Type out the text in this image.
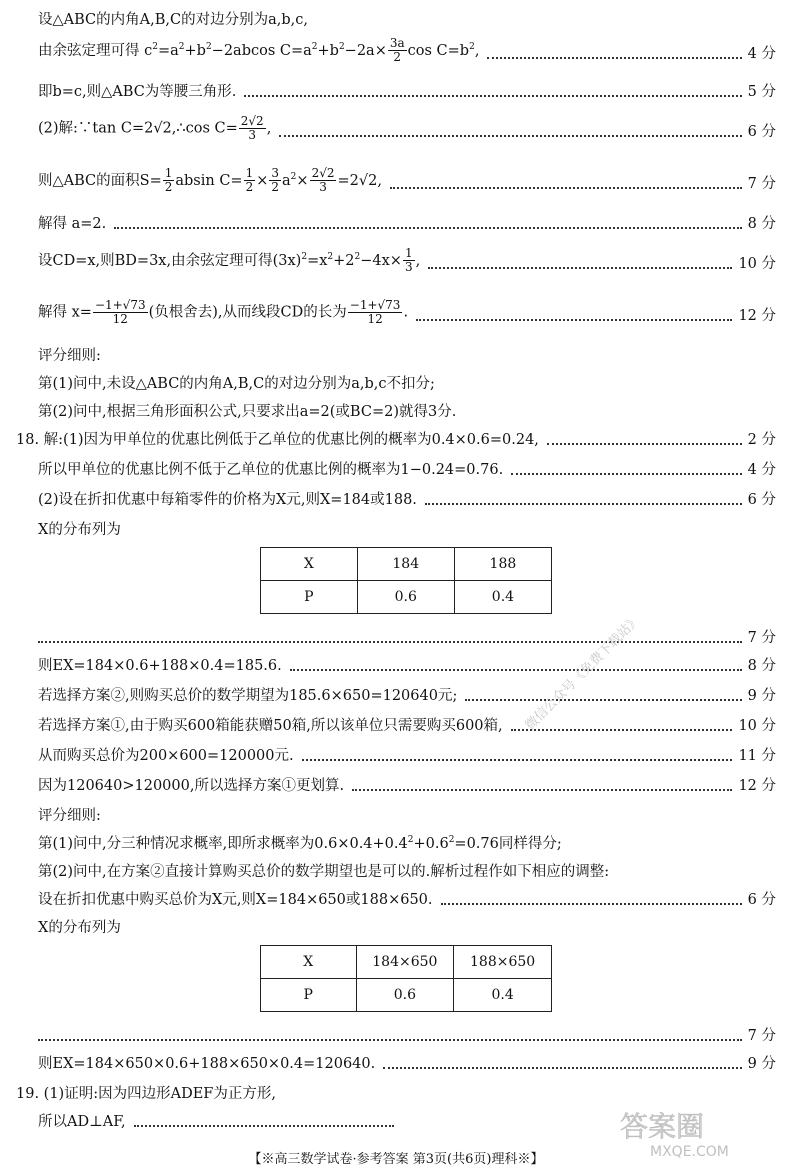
设△ABC的内角A,B,C的对边分别为a,b,c,
由余弦定理可得 $c^2=a^2+b^2-2abcos$ $C=a^2+b^2-2a\times \frac{3a}{2}$ $\cos C=b^2$,	4 分
即b=c,则△ABC为等腰三角形.	5 分
(2)解:∵tan C=2√2,∴cos $C= \frac{2√2}{3}$ ,	6 分
则△ABC的面积$S= \frac{1}{2}$ absin $C= \frac{1}{2} \times \frac{3}{2} a^2\times \frac{2√2}{3} =2√2$,	7 分
解得 a=2.	8 分
设CD=x,则BD=3x,由余弦定理可得$(3x)^2=x^2+2^2-4x\times \frac{1}{3}$ ,	10 分
解得 $x= \frac{-1+√73}{12}$ (负根舍去),从而线段CD的长为 $\frac{-1+√73}{12}$ .	12 分
评分细则:
第(1)问中,未设△ABC的内角A,B,C的对边分别为a,b,c不扣分;
第(2)问中,根据三角形面积公式,只要求出a=2(或BC=2)就得3分.
18. 解:(1)因为甲单位的优惠比例低于乙单位的优惠比例的概率为0.4×0.6=0.24,	2 分
所以甲单位的优惠比例不低于乙单位的优惠比例的概率为1−0.24=0.76.	4 分
(2)设在折扣优惠中每箱零件的价格为X元,则X=184或188.	6 分
X的分布列为
X	184	188
P	0.6	0.4
7 分
则EX=184×0.6+188×0.4=185.6.	8 分
若选择方案②,则购买总价的数学期望为185.6×650=120640元;	9 分
若选择方案①,由于购买600箱能获赠50箱,所以该单位只需要购买600箱,	10 分
从而购买总价为200×600=120000元.	11 分
因为120640>120000,所以选择方案①更划算.	12 分
评分细则:
第(1)问中,分三种情况求概率,即所求概率为$0.6\times 0.4+0.4^2+0.6^2=0.76$同样得分;
第(2)问中,在方案②直接计算购买总价的数学期望也是可以的.解析过程作如下相应的调整:
设在折扣优惠中购买总价为X元,则X=184×650或188×650.	6 分
X的分布列为
X	184×650	188×650
P	0.6	0.4
7 分
则EX=184×650×0.6+188×650×0.4=120640.	9 分
19. (1)证明:因为四边形ADEF为正方形,
所以AD⊥AF,
微信公众号《免费下载站》
答案圈
MXQE.COM
【※高三数学试卷·参考答案 第3页(共6页)理科※】
